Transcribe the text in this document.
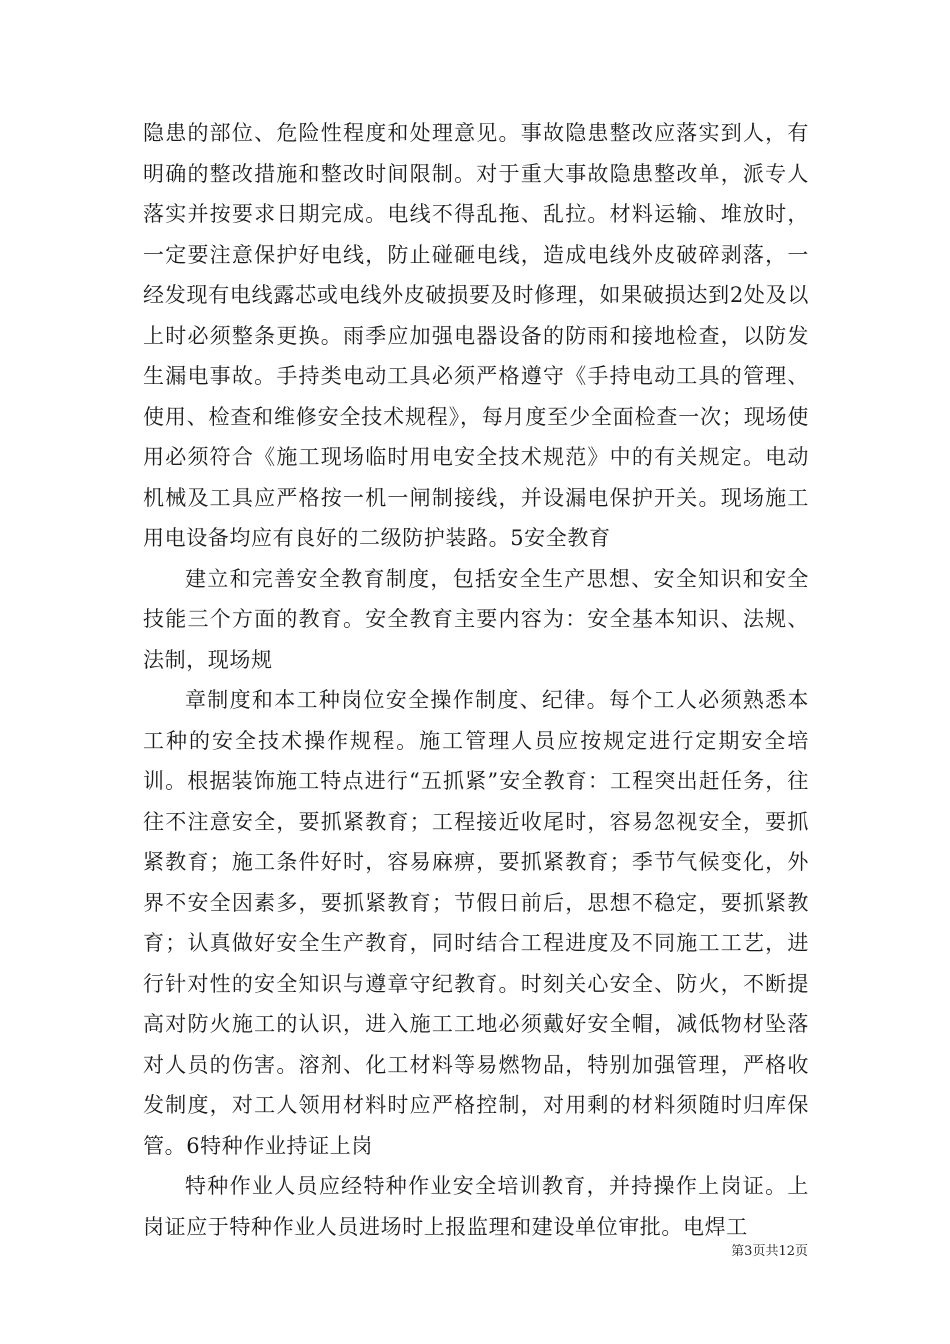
隐患的部位、危险性程度和处理意见。事故隐患整改应落实到人，有明确的整改措施和整改时间限制。对于重大事故隐患整改单，派专人落实并按要求日期完成。电线不得乱拖、乱拉。材料运输、堆放时，一定要注意保护好电线，防止碰砸电线，造成电线外皮破碎剥落，一经发现有电线露芯或电线外皮破损要及时修理，如果破损达到2处及以上时必须整条更换。雨季应加强电器设备的防雨和接地检查，以防发生漏电事故。手持类电动工具必须严格遵守《手持电动工具的管理、使用、检查和维修安全技术规程》，每月度至少全面检查一次；现场使用必须符合《施工现场临时用电安全技术规范》中的有关规定。电动机械及工具应严格按一机一闸制接线，并设漏电保护开关。现场施工用电设备均应有良好的二级防护装路。5安全教育

建立和完善安全教育制度，包括安全生产思想、安全知识和安全技能三个方面的教育。安全教育主要内容为：安全基本知识、法规、法制，现场规

章制度和本工种岗位安全操作制度、纪律。每个工人必须熟悉本工种的安全技术操作规程。施工管理人员应按规定进行定期安全培训。根据装饰施工特点进行“五抓紧”安全教育：工程突出赶任务，往往不注意安全，要抓紧教育；工程接近收尾时，容易忽视安全，要抓紧教育；施工条件好时，容易麻痹，要抓紧教育；季节气候变化，外界不安全因素多，要抓紧教育；节假日前后，思想不稳定，要抓紧教育；认真做好安全生产教育，同时结合工程进度及不同施工工艺，进行针对性的安全知识与遵章守纪教育。时刻关心安全、防火，不断提高对防火施工的认识，进入施工工地必须戴好安全帽，减低物材坠落对人员的伤害。溶剂、化工材料等易燃物品，特别加强管理，严格收发制度，对工人领用材料时应严格控制，对用剩的材料须随时归库保管。6特种作业持证上岗

特种作业人员应经特种作业安全培训教育，并持操作上岗证。上岗证应于特种作业人员进场时上报监理和建设单位审批。电焊工

第3页共12页
